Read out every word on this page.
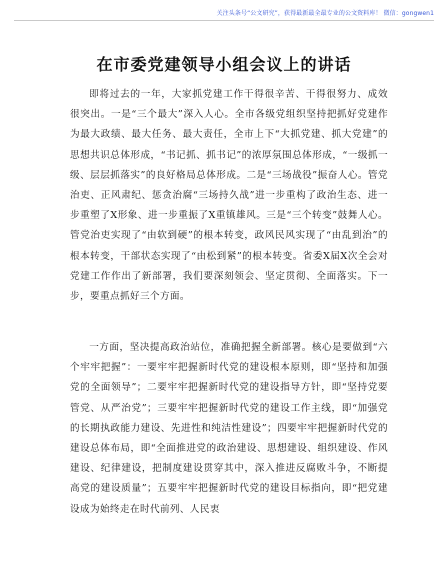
关注头条号“公文研究”，获得最新最全最专业的公文资料库！ 微信：gongwen1
在市委党建领导小组会议上的讲话

即将过去的一年，大家抓党建工作干得很辛苦、干得很努力、成效很突出。一是“三个最大”深入人心。全市各级党组织坚持把抓好党建作为最大政绩、最大任务、最大责任，全市上下“大抓党建、抓大党建”的思想共识总体形成，“书记抓、抓书记”的浓厚氛围总体形成，“一级抓一级、层层抓落实”的良好格局总体形成。二是“三场战役”振奋人心。管党治吏、正风肃纪、惩贪治腐“三场持久战”进一步重构了政治生态、进一步重塑了X形象、进一步重振了X重镇雄风。三是“三个转变”鼓舞人心。管党治吏实现了“由软到硬”的根本转变，政风民风实现了“由乱到治”的根本转变，干部状态实现了“由松到紧”的根本转变。省委X届X次全会对党建工作作出了新部署，我们要深刻领会、坚定贯彻、全面落实。下一步，要重点抓好三个方面。

一方面，坚决提高政治站位，准确把握全新部署。核心是要做到“六个牢牢把握”：一要牢牢把握新时代党的建设根本原则，即“坚持和加强党的全面领导”；二要牢牢把握新时代党的建设指导方针，即“坚持党要管党、从严治党”；三要牢牢把握新时代党的建设工作主线，即“加强党的长期执政能力建设、先进性和纯洁性建设”；四要牢牢把握新时代党的建设总体布局，即“全面推进党的政治建设、思想建设、组织建设、作风建设、纪律建设，把制度建设贯穿其中，深入推进反腐败斗争，不断提高党的建设质量”；五要牢牢把握新时代党的建设目标指向，即“把党建设成为始终走在时代前列、人民衷
